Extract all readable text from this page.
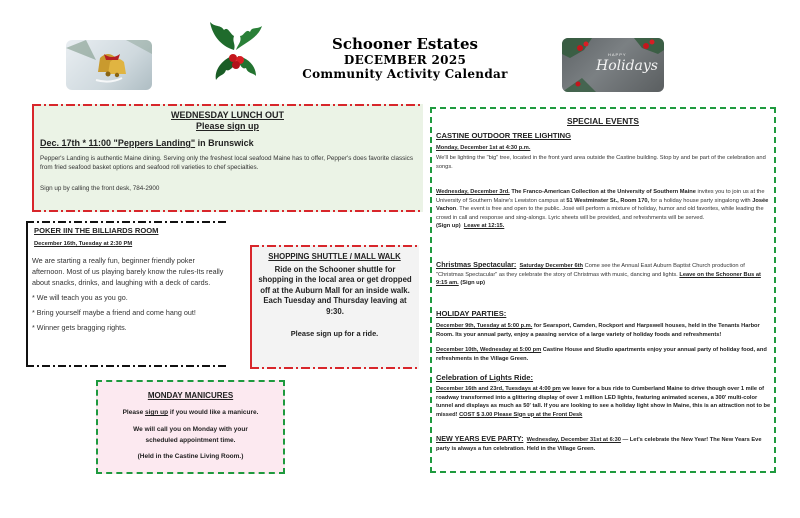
Schooner Estates
DECEMBER 2025
Community Activity Calendar
HAPPY
Holidays
WEDNESDAY LUNCH OUT
Please sign up
Dec. 17th * 11:00 "Peppers Landing" in Brunswick
Pepper's Landing is authentic Maine dining. Serving only the freshest local seafood Maine has to offer, Pepper's does favorite classics from fried seafood basket options and seafood roll varieties to chef specialties.
Sign up by calling the front desk, 784-2900
POKER IIN THE BILLIARDS ROOM
December 16th, Tuesday at 2:30 PM

We are starting a really fun, beginner friendly poker afternoon. Most of us playing barely know the rules-Its really about snacks, drinks, and laughing with a deck of cards.

* We will teach you as you go.

* Bring yourself maybe a friend and come hang out!

* Winner gets bragging rights.

SHOPPING SHUTTLE / MALL WALK
Ride on the Schooner shuttle for shopping in the local area or get dropped off at the Auburn Mall for an inside walk. Each Tuesday and Thursday leaving at 9:30.
Please sign up for a ride.
MONDAY MANICURES
Please sign up if you would like a manicure.
We will call you on Monday with your
scheduled appointment time.
(Held in the Castine Living Room.)
SPECIAL EVENTS
CASTINE OUTDOOR TREE LIGHTING
Monday, December 1st at 4:30 p.m.
We'll be lighting the "big" tree, located in the front yard area outside the Castine building. Stop by and be part of the celebration and songs.
Wednesday, December 3rd. The Franco-American Collection at the University of Southern Maine invites you to join us at the University of Southern Maine's Lewiston campus at 51 Westminster St., Room 170, for a holiday house party singalong with Josée Vachon. The event is free and open to the public. José will perform a mixture of holiday, humor and old favorites, while leading the crowd in call and response and sing-alongs. Lyric sheets will be provided, and refreshments will be served.
(Sign up) Leave at 12:15.
Christmas Spectacular: Saturday December 6th Come see the Annual East Auburn Baptist Church production of "Christmas Spectacular" as they celebrate the story of Christmas with music, dancing and lights. Leave on the Schooner Bus at 9:15 am. (Sign up)
HOLIDAY PARTIES:
December 9th, Tuesday at 5:00 p.m. for Searsport, Camden, Rockport and Harpswell houses, held in the Tenants Harbor Room. Its your annual party, enjoy a passing service of a large variety of holiday foods and refreshments!
December 10th, Wednesday at 5:00 pm Castine House and Studio apartments enjoy your annual party of holiday food, and refreshments in the Village Green.
Celebration of Lights Ride:
December 16th and 23rd, Tuesdays at 4:00 pm we leave for a bus ride to Cumberland Maine to drive though over 1 mile of roadway transformed into a glittering display of over 1 million LED lights, featuring animated scenes, a 300' multi-color tunnel and displays as much as 50' tall. If you are looking to see a holiday light show in Maine, this is an attraction not to be missed! COST $ 3.00 Please Sign up at the Front Desk
NEW YEARS EVE PARTY: Wednesday, December 31st at 6:30 — Let's celebrate the New Year! The New Years Eve party is always a fun celebration. Held in the Village Green.
